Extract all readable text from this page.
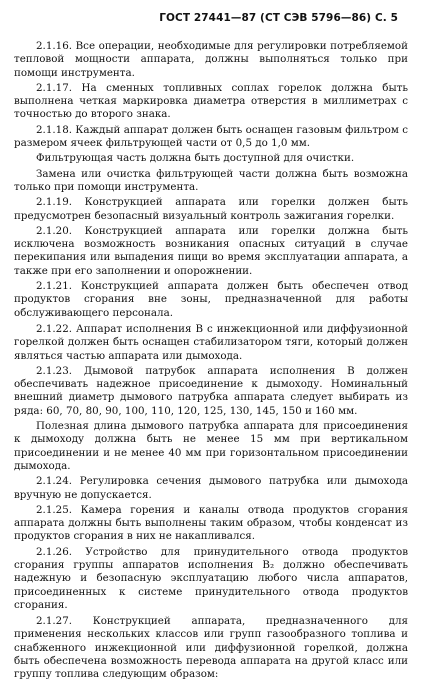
ГОСТ 27441—87 (СТ СЭВ 5796—86) С. 5

2.1.16. Все операции, необходимые для регулировки потребляемой тепловой мощности аппарата, должны выполняться только при помощи инструмента.

2.1.17. На сменных топливных соплах горелок должна быть выполнена четкая маркировка диаметра отверстия в миллиметрах с точностью до второго знака.

2.1.18. Каждый аппарат должен быть оснащен газовым фильтром с размером ячеек фильтрующей части от 0,5 до 1,0 мм.

Фильтрующая часть должна быть доступной для очистки.

Замена или очистка фильтрующей части должна быть возможна только при помощи инструмента.

2.1.19. Конструкцией аппарата или горелки должен быть предусмотрен безопасный визуальный контроль зажигания горелки.

2.1.20. Конструкцией аппарата или горелки должна быть исключена возможность возникания опасных ситуаций в случае перекипания или выпадения пищи во время эксплуатации аппарата, а также при его заполнении и опорожнении.

2.1.21. Конструкцией аппарата должен быть обеспечен отвод продуктов сгорания вне зоны, предназначенной для работы обслуживающего персонала.

2.1.22. Аппарат исполнения В с инжекционной или диффузионной горелкой должен быть оснащен стабилизатором тяги, который должен являться частью аппарата или дымохода.

2.1.23. Дымовой патрубок аппарата исполнения В должен обеспечивать надежное присоединение к дымоходу. Номинальный внешний диаметр дымового патрубка аппарата следует выбирать из ряда: 60, 70, 80, 90, 100, 110, 120, 125, 130, 145, 150 и 160 мм.

Полезная длина дымового патрубка аппарата для присоединения к дымоходу должна быть не менее 15 мм при вертикальном присоединении и не менее 40 мм при горизонтальном присоединении дымохода.

2.1.24. Регулировка сечения дымового патрубка или дымохода вручную не допускается.

2.1.25. Камера горения и каналы отвода продуктов сгорания аппарата должны быть выполнены таким образом, чтобы конденсат из продуктов сгорания в них не накапливался.

2.1.26. Устройство для принудительного отвода продуктов сгорания группы аппаратов исполнения B₂ должно обеспечивать надежную и безопасную эксплуатацию любого числа аппаратов, присоединенных к системе принудительного отвода продуктов сгорания.

2.1.27. Конструкцией аппарата, предназначенного для применения нескольких классов или групп газообразного топлива и снабженного инжекционной или диффузионной горелкой, должна быть обеспечена возможность перевода аппарата на другой класс или группу топлива следующим образом:
